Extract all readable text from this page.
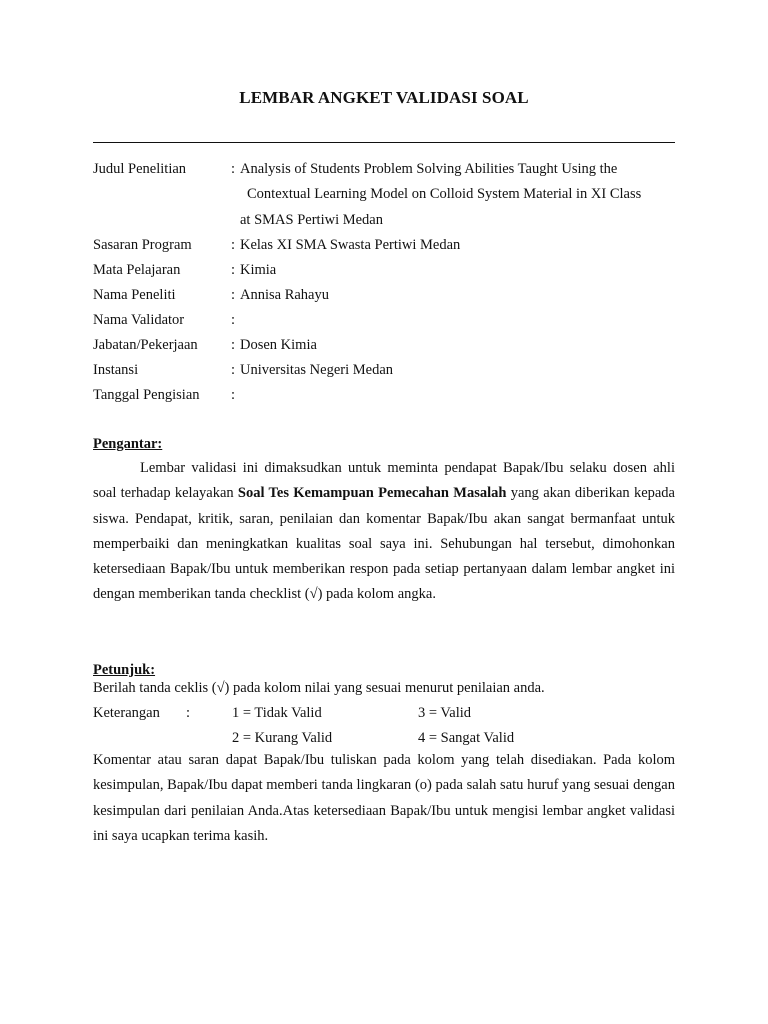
LEMBAR ANGKET VALIDASI SOAL
Judul Penelitian	: Analysis of Students Problem Solving Abilities Taught Using the
Contextual Learning Model on Colloid System Material in XI Class
at SMAS Pertiwi Medan
Sasaran Program	: Kelas XI SMA Swasta Pertiwi Medan
Mata Pelajaran	: Kimia
Nama Peneliti	: Annisa Rahayu
Nama Validator	:
Jabatan/Pekerjaan	: Dosen Kimia
Instansi	: Universitas Negeri Medan
Tanggal Pengisian	:
Pengantar:

Lembar validasi ini dimaksudkan untuk meminta pendapat Bapak/Ibu selaku dosen ahli soal terhadap kelayakan Soal Tes Kemampuan Pemecahan Masalah yang akan diberikan kepada siswa. Pendapat, kritik, saran, penilaian dan komentar Bapak/Ibu akan sangat bermanfaat untuk memperbaiki dan meningkatkan kualitas soal saya ini. Sehubungan hal tersebut, dimohonkan ketersediaan Bapak/Ibu untuk memberikan respon pada setiap pertanyaan dalam lembar angket ini dengan memberikan tanda checklist (√) pada kolom angka.

Petunjuk:
Berilah tanda ceklis (√) pada kolom nilai yang sesuai menurut penilaian anda.
Keterangan	:	1 = Tidak Valid	3 = Valid
2 = Kurang Valid	4 = Sangat Valid

Komentar atau saran dapat Bapak/Ibu tuliskan pada kolom yang telah disediakan. Pada kolom kesimpulan, Bapak/Ibu dapat memberi tanda lingkaran (o) pada salah satu huruf yang sesuai dengan kesimpulan dari penilaian Anda.Atas ketersediaan Bapak/Ibu untuk mengisi lembar angket validasi ini saya ucapkan terima kasih.
